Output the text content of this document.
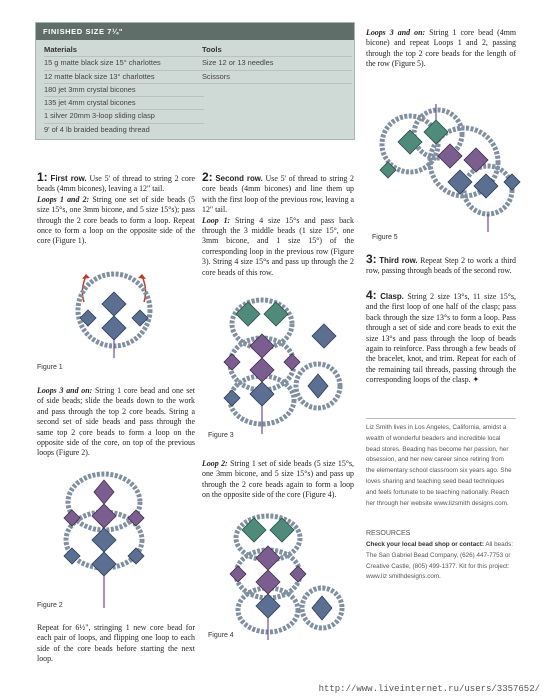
FINISHED SIZE 7¼"
Materials
15 g matte black size 15° charlottes
12 matte black size 13° charlottes
180 jet 3mm crystal bicones
135 jet 4mm crystal bicones
1 silver 20mm 3-loop sliding clasp
9' of 4 lb braided beading thread
Tools
Size 12 or 13 needles
Scissors
1: First row. Use 5' of thread to string 2 core beads (4mm bicones), leaving a 12" tail.
Loops 1 and 2: String one set of side beads (5 size 15°s, one 3mm bicone, and 5 size 15°s); pass through the 2 core beads to form a loop. Repeat once to form a loop on the opposite side of the core (Figure 1).
Figure 1
Loops 3 and on: String 1 core bead and one set of side beads; slide the beads down to the work and pass through the top 2 core beads. String a second set of side beads and pass through the same top 2 core beads to form a loop on the opposite side of the core, on top of the previous loops (Figure 2).
Figure 2
Repeat for 6½", stringing 1 new core bead for each pair of loops, and flipping one loop to each side of the core beads before starting the next loop.
2: Second row. Use 5' of thread to string 2 core beads (4mm bicones) and line them up with the first loop of the previous row, leaving a 12" tail.
Loop 1: String 4 size 15°s and pass back through the 3 middle beads (1 size 15°, one 3mm bicone, and 1 size 15°) of the corresponding loop in the previous row (Figure 3). String 4 size 15°s and pass up through the 2 core beads of this row.
Figure 3
Loop 2: String 1 set of side beads (5 size 15°s, one 3mm bicone, and 5 size 15°s) and pass up through the 2 core beads again to form a loop on the opposite side of the core (Figure 4).
Figure 4
Loops 3 and on: String 1 core bead (4mm bicone) and repeat Loops 1 and 2, passing through the top 2 core beads for the length of the row (Figure 5).
Figure 5
3: Third row. Repeat Step 2 to work a third row, passing through beads of the second row.
4: Clasp. String 2 size 13°s, 11 size 15°s, and the first loop of one half of the clasp; pass back through the size 13°s to form a loop. Pass through a set of side and core beads to exit the size 13°s and pass through the loop of beads again to reinforce. Pass through a few beads of the bracelet, knot, and trim. Repeat for each of the remaining tail threads, passing through the corresponding loops of the clasp. ✦
Liz Smith lives in Los Angeles, California, amidst a wealth of wonderful beaders and incredible local bead stores. Beading has become her passion, her obsession, and her new career since retiring from the elementary school classroom six years ago. She loves sharing and teaching seed bead techniques and feels fortunate to be teaching nationally. Reach her through her website www.lizsmith designs.com.
RESOURCES
Check your local bead shop or contact: All beads: The San Gabriel Bead Company, (626) 447-7753 or Creative Castle, (805) 499-1377. Kit for this project: www.liz smithdesigns.com.
http://www.liveinternet.ru/users/3357652/
